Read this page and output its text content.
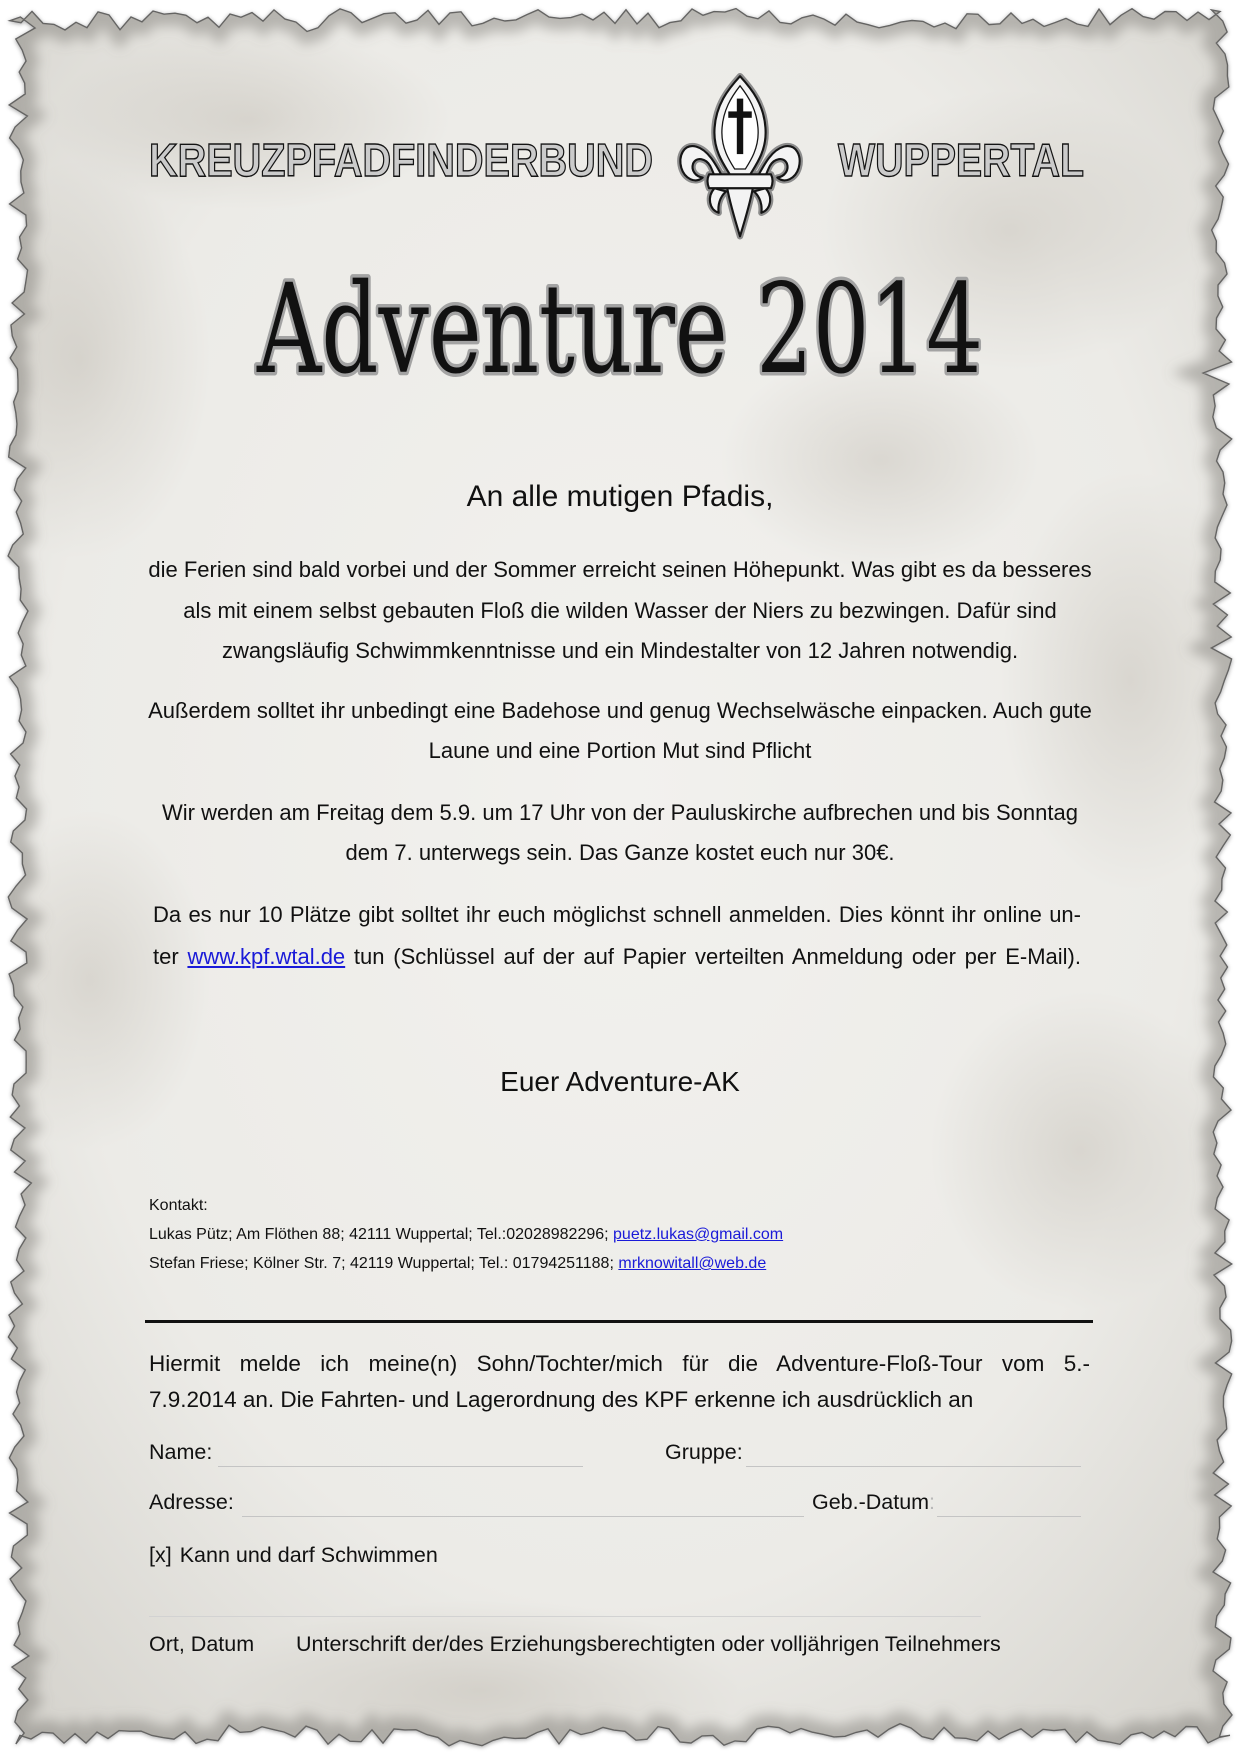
KREUZPFADFINDERBUND	WUPPERTAL
Adventure 2014
An alle mutigen Pfadis,
die Ferien sind bald vorbei und der Sommer erreicht seinen Höhepunkt. Was gibt es da besseres
als mit einem selbst gebauten Floß die wilden Wasser der Niers zu bezwingen. Dafür sind
zwangsläufig Schwimmkenntnisse und ein Mindestalter von 12 Jahren notwendig.
Außerdem solltet ihr unbedingt eine Badehose und genug Wechselwäsche einpacken. Auch gute
Laune und eine Portion Mut sind Pflicht
Wir werden am Freitag dem 5.9. um 17 Uhr von der Pauluskirche aufbrechen und bis Sonntag
dem 7. unterwegs sein. Das Ganze kostet euch nur 30€.
Da es nur 10 Plätze gibt solltet ihr euch möglichst schnell anmelden. Dies könnt ihr online un-
ter www.kpf.wtal.de tun (Schlüssel auf der auf Papier verteilten Anmeldung oder per E-Mail).
Euer Adventure-AK
Kontakt:
Lukas Pütz; Am Flöthen 88; 42111 Wuppertal; Tel.:02028982296; puetz.lukas@gmail.com
Stefan Friese; Kölner Str. 7; 42119 Wuppertal; Tel.: 01794251188; mrknowitall@web.de
Hiermit melde ich meine(n) Sohn/Tochter/mich für die Adventure-Floß-Tour vom 5.-
7.9.2014 an. Die Fahrten- und Lagerordnung des KPF erkenne ich ausdrücklich an
Name:	Gruppe:
Adresse:	Geb.-Datum :
[x] Kann und darf Schwimmen
Ort, Datum Unterschrift der/des Erziehungsberechtigten oder volljährigen Teilnehmers
